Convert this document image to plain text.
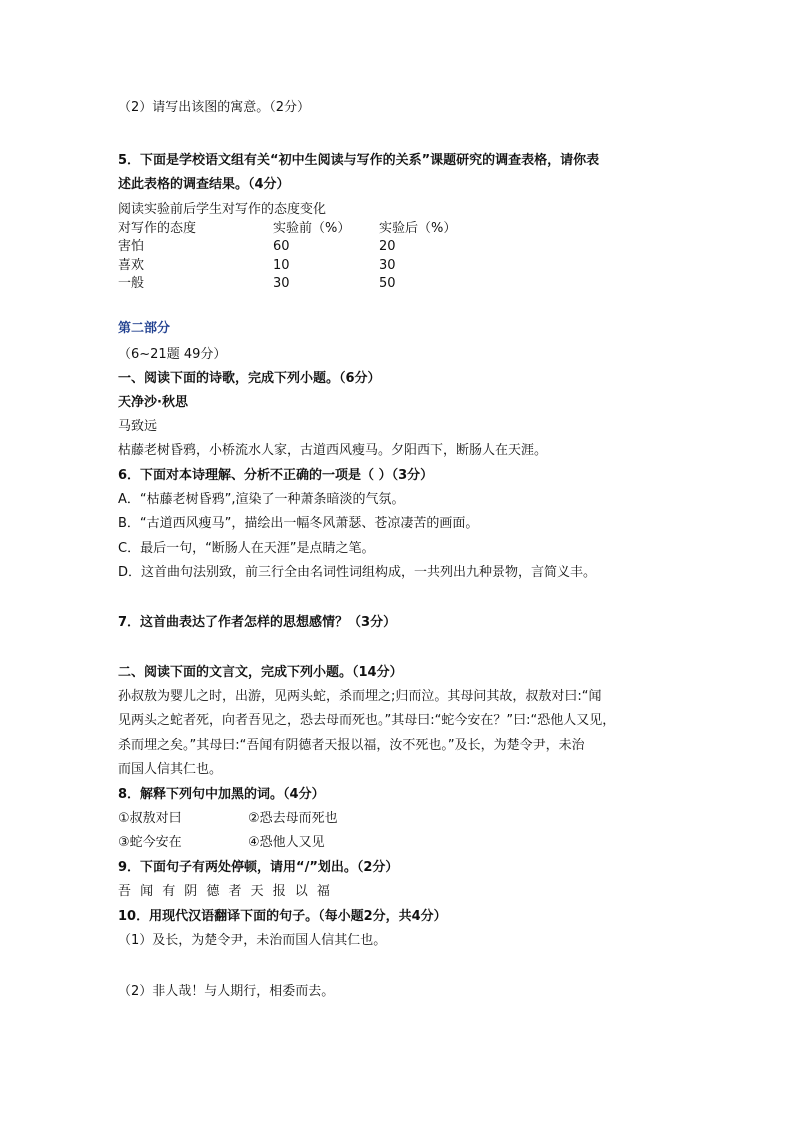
（2）请写出该图的寓意。（2分）
5．下面是学校语文组有关“初中生阅读与写作的关系”课题研究的调查表格，请你表
述此表格的调查结果。（4分）
阅读实验前后学生对写作的态度变化
对写作的态度	实验前（%） 实验后（%）
害怕	60	20
喜欢	10	30
一般	30	50
第二部分
（6~21题 49分）
一、阅读下面的诗歌，完成下列小题。（6分）
天净沙·秋思
马致远
枯藤老树昏鸦，小桥流水人家，古道西风瘦马。夕阳西下，断肠人在天涯。
6．下面对本诗理解、分析不正确的一项是（ ）（3分）
A．“枯藤老树昏鸦”,渲染了一种萧条暗淡的气氛。
B．“古道西风瘦马”，描绘出一幅冬风萧瑟、苍凉凄苦的画面。
C．最后一句，“断肠人在天涯”是点睛之笔。
D．这首曲句法别致，前三行全由名词性词组构成，一共列出九种景物，言简义丰。
7．这首曲表达了作者怎样的思想感情？（3分）
二、阅读下面的文言文，完成下列小题。（14分）
孙叔敖为婴儿之时，出游，见两头蛇，杀而埋之;归而泣。其母问其故，叔敖对曰:“闻
见两头之蛇者死，向者吾见之，恐去母而死也。”其母曰:“蛇今安在？”曰:“恐他人又见，
杀而埋之矣。”其母曰:“吾闻有阴德者天报以福，汝不死也。”及长，为楚令尹，未治
而国人信其仁也。
8．解释下列句中加黑的词。（4分）
①叔敖对曰	②恐去母而死也
③蛇今安在	④恐他人又见
9．下面句子有两处停顿，请用“/”划出。（2分）
吾闻有阴德者天报以福
10．用现代汉语翻译下面的句子。（每小题2分，共4分）
（1）及长，为楚令尹，未治而国人信其仁也。
（2）非人哉！与人期行，相委而去。
